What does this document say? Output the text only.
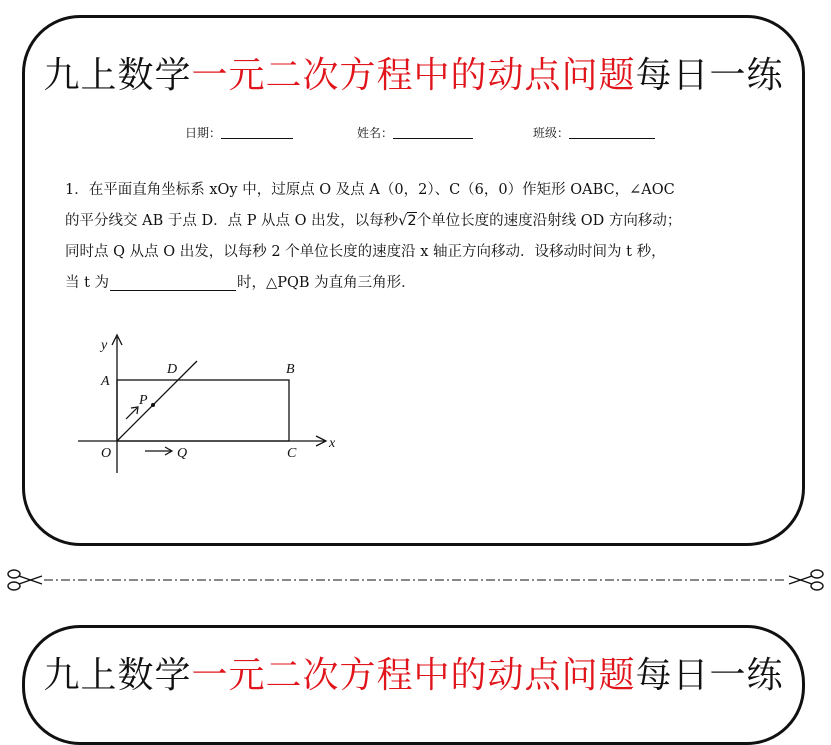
九上数学一元二次方程中的动点问题每日一练
日期：	姓名：	班级：
1．在平面直角坐标系 xOy 中，过原点 O 及点 A（0，2）、C（6，0）作矩形 OABC，∠AOC
的平分线交 AB 于点 D．点 P 从点 O 出发，以每秒√2个单位长度的速度沿射线 OD 方向移动；
同时点 Q 从点 O 出发，以每秒 2 个单位长度的速度沿 x 轴正方向移动．设移动时间为 t 秒，
当 t 为	时，△PQB 为直角三角形．
y
x
A
D	B
P
O	Q	C
九上数学一元二次方程中的动点问题每日一练
